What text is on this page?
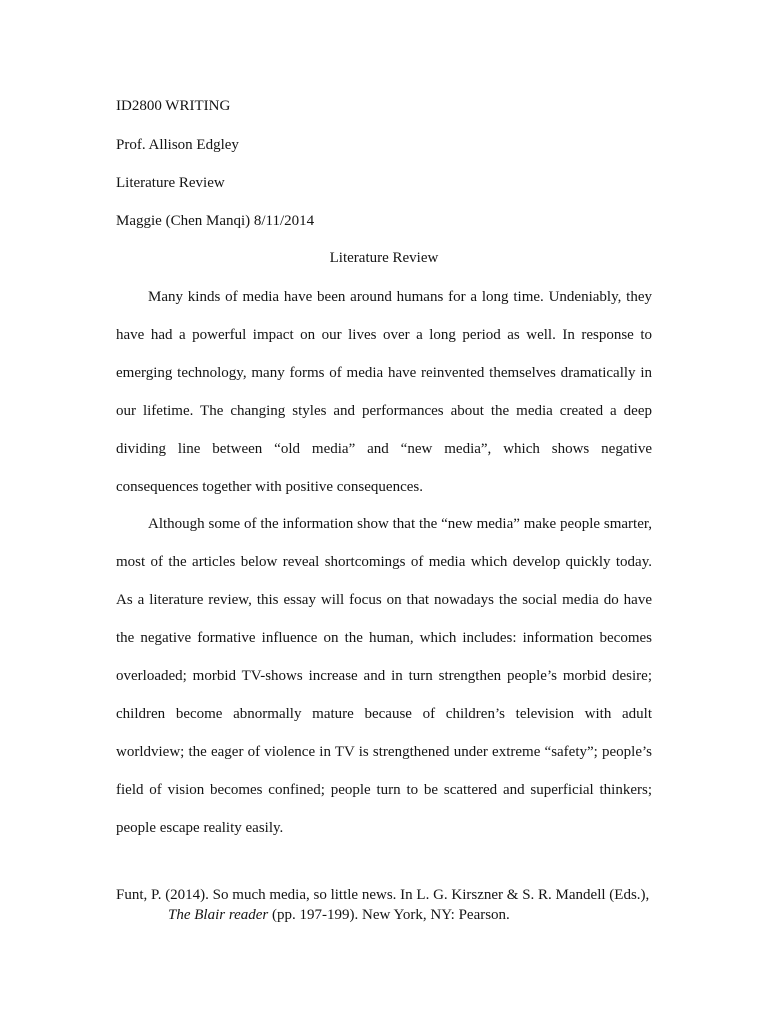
ID2800 WRITING
Prof. Allison Edgley
Literature Review
Maggie (Chen Manqi) 8/11/2014
Literature Review

Many kinds of media have been around humans for a long time. Undeniably, they have had a powerful impact on our lives over a long period as well. In response to emerging technology, many forms of media have reinvented themselves dramatically in our lifetime. The changing styles and performances about the media created a deep dividing line between “old media” and “new media”, which shows negative consequences together with positive consequences.

Although some of the information show that the “new media” make people smarter, most of the articles below reveal shortcomings of media which develop quickly today. As a literature review, this essay will focus on that nowadays the social media do have the negative formative influence on the human, which includes: information becomes overloaded; morbid TV-shows increase and in turn strengthen people’s morbid desire; children become abnormally mature because of children’s television with adult worldview; the eager of violence in TV is strengthened under extreme “safety”; people’s field of vision becomes confined; people turn to be scattered and superficial thinkers; people escape reality easily.

Funt, P. (2014). So much media, so little news. In L. G. Kirszner & S. R. Mandell (Eds.), The Blair reader (pp. 197-199). New York, NY: Pearson.
